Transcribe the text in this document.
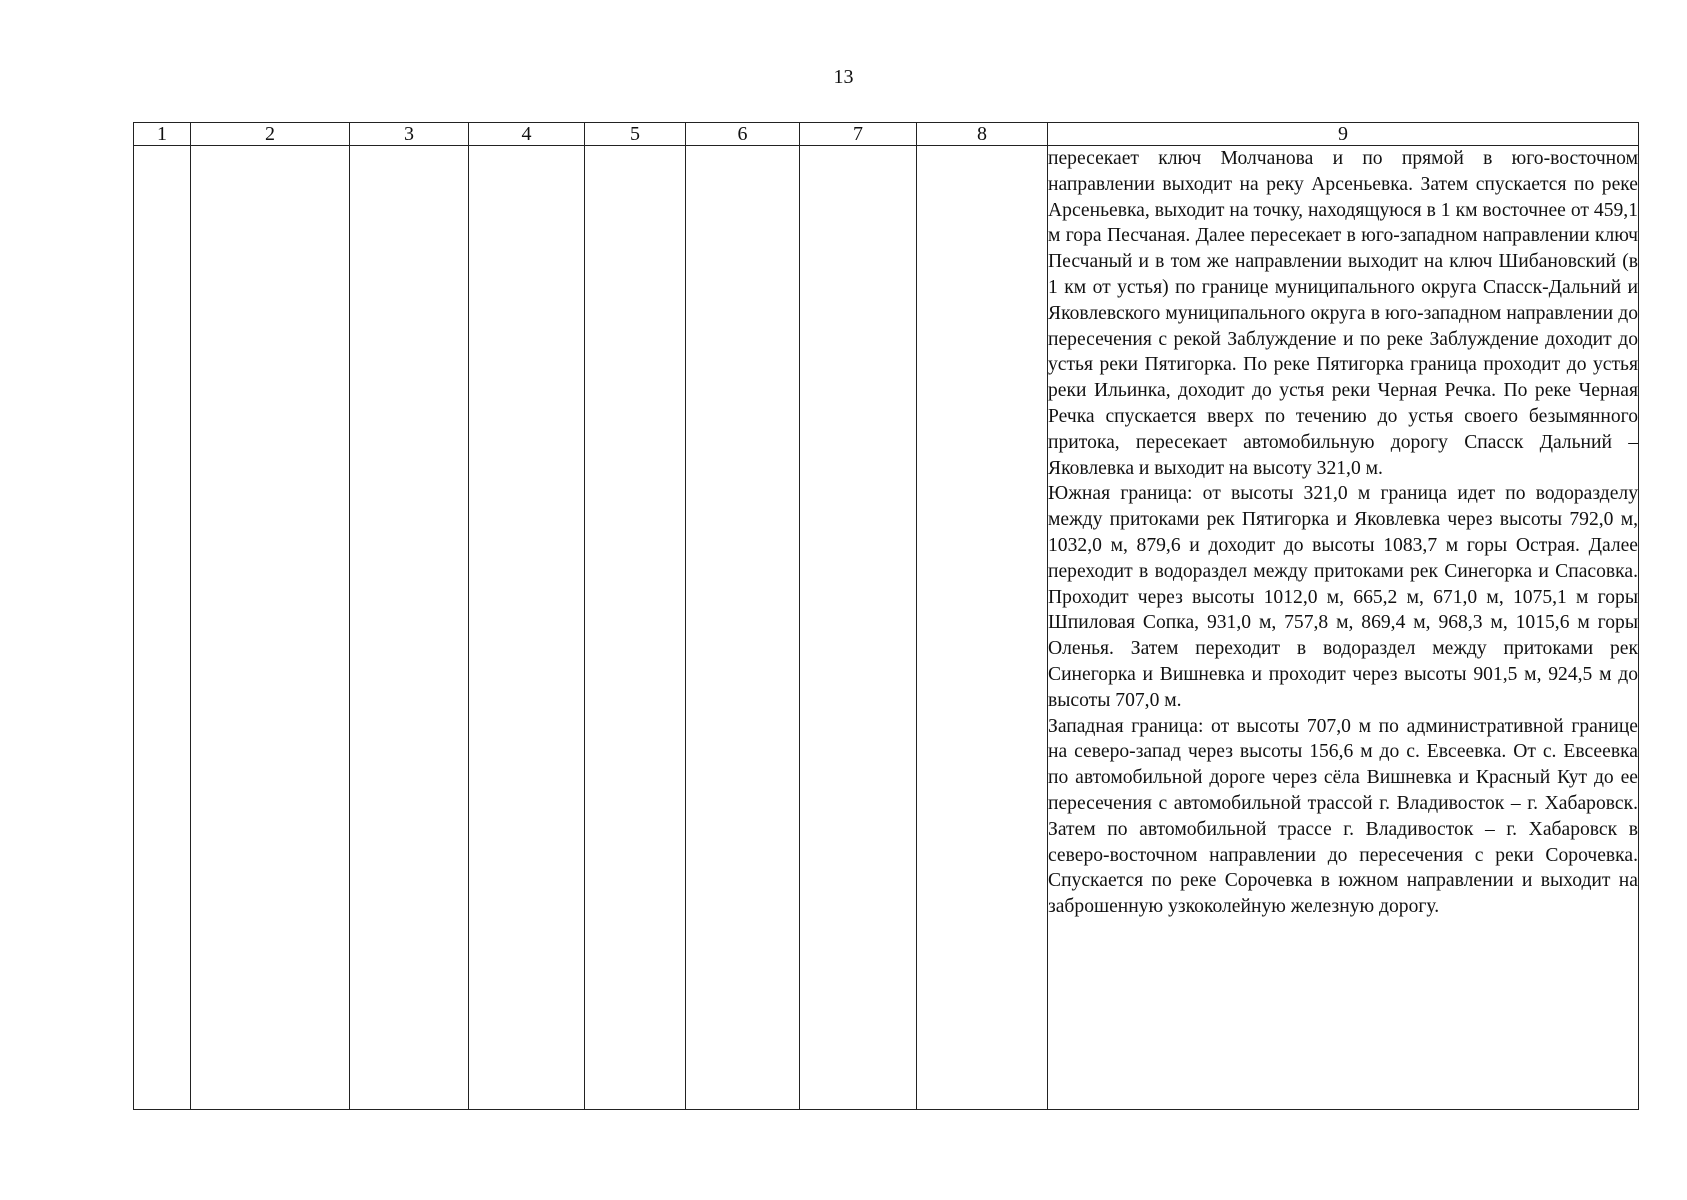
13
1	2	3	4	5	6	7	8	9

								пересекает ключ Молчанова и по прямой в юго-восточном направлении выходит на реку Арсеньевка. Затем спускается по реке Арсеньевка, выходит на точку, находящуюся в 1 км восточнее от 459,1 м гора Песчаная. Далее пересекает в юго-западном направлении ключ Песчаный и в том же направлении выходит на ключ Шибановский (в 1 км от устья) по границе муниципального округа Спасск-Дальний и Яковлевского муниципального округа в юго-западном направлении до пересечения с рекой Заблуждение и по реке Заблуждение доходит до устья реки Пятигорка. По реке Пятигорка граница проходит до устья реки Ильинка, доходит до устья реки Черная Речка. По реке Черная Речка спускается вверх по течению до устья своего безымянного притока, пересекает автомобильную дорогу Спасск Дальний – Яковлевка и выходит на высоту 321,0 м.

Южная граница: от высоты 321,0 м граница идет по водоразделу между притоками рек Пятигорка и Яковлевка через высоты 792,0 м, 1032,0 м, 879,6 и доходит до высоты 1083,7 м горы Острая. Далее переходит в водораздел между притоками рек Синегорка и Спасовка. Проходит через высоты 1012,0 м, 665,2 м, 671,0 м, 1075,1 м горы Шпиловая Сопка, 931,0 м, 757,8 м, 869,4 м, 968,3 м, 1015,6 м горы Оленья. Затем переходит в водораздел между притоками рек Синегорка и Вишневка и проходит через высоты 901,5 м, 924,5 м до высоты 707,0 м.

Западная граница: от высоты 707,0 м по административной границе на северо-запад через высоты 156,6 м до с. Евсеевка. От с. Евсеевка по автомобильной дороге через сёла Вишневка и Красный Кут до ее пересечения с автомобильной трассой г. Владивосток – г. Хабаровск. Затем по автомобильной трассе г. Владивосток – г. Хабаровск в северо-восточном направлении до пересечения с реки Сорочевка. Спускается по реке Сорочевка в южном направлении и выходит на заброшенную узкоколейную железную дорогу.
